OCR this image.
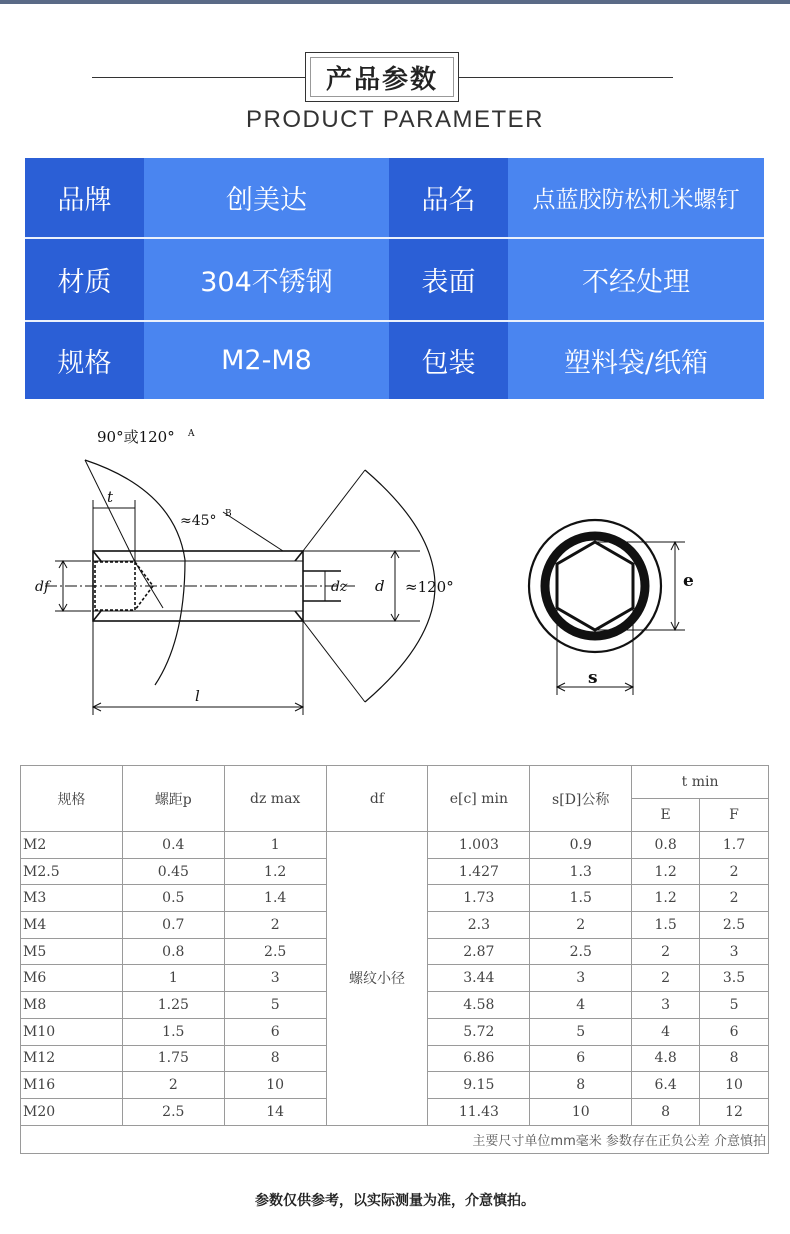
产品参数
PRODUCT PARAMETER
品牌	创美达	品名	点蓝胶防松机米螺钉
材质	304不锈钢	表面	不经处理
规格	M2-M8	包装	塑料袋/纸箱
90°或120° A
≈45° B
≈120°
t
df	dz d
l
e
s
规格	螺距p	dz max	df	e[c] min	s[D]公称	t min	
						E	F
M2	0.4	1	螺纹小径	1.003	0.9	0.8	1.7
M2.5	0.45	1.2		1.427	1.3	1.2	2
M3	0.5	1.4		1.73	1.5	1.2	2
M4	0.7	2		2.3	2	1.5	2.5
M5	0.8	2.5		2.87	2.5	2	3
M6	1	3		3.44	3	2	3.5
M8	1.25	5		4.58	4	3	5
M10	1.5	6		5.72	5	4	6
M12	1.75	8		6.86	6	4.8	8
M16	2	10		9.15	8	6.4	10
M20	2.5	14		11.43	10	8	12
主要尺寸单位mm毫米 参数存在正负公差 介意慎拍							
参数仅供参考，以实际测量为准，介意慎拍。
